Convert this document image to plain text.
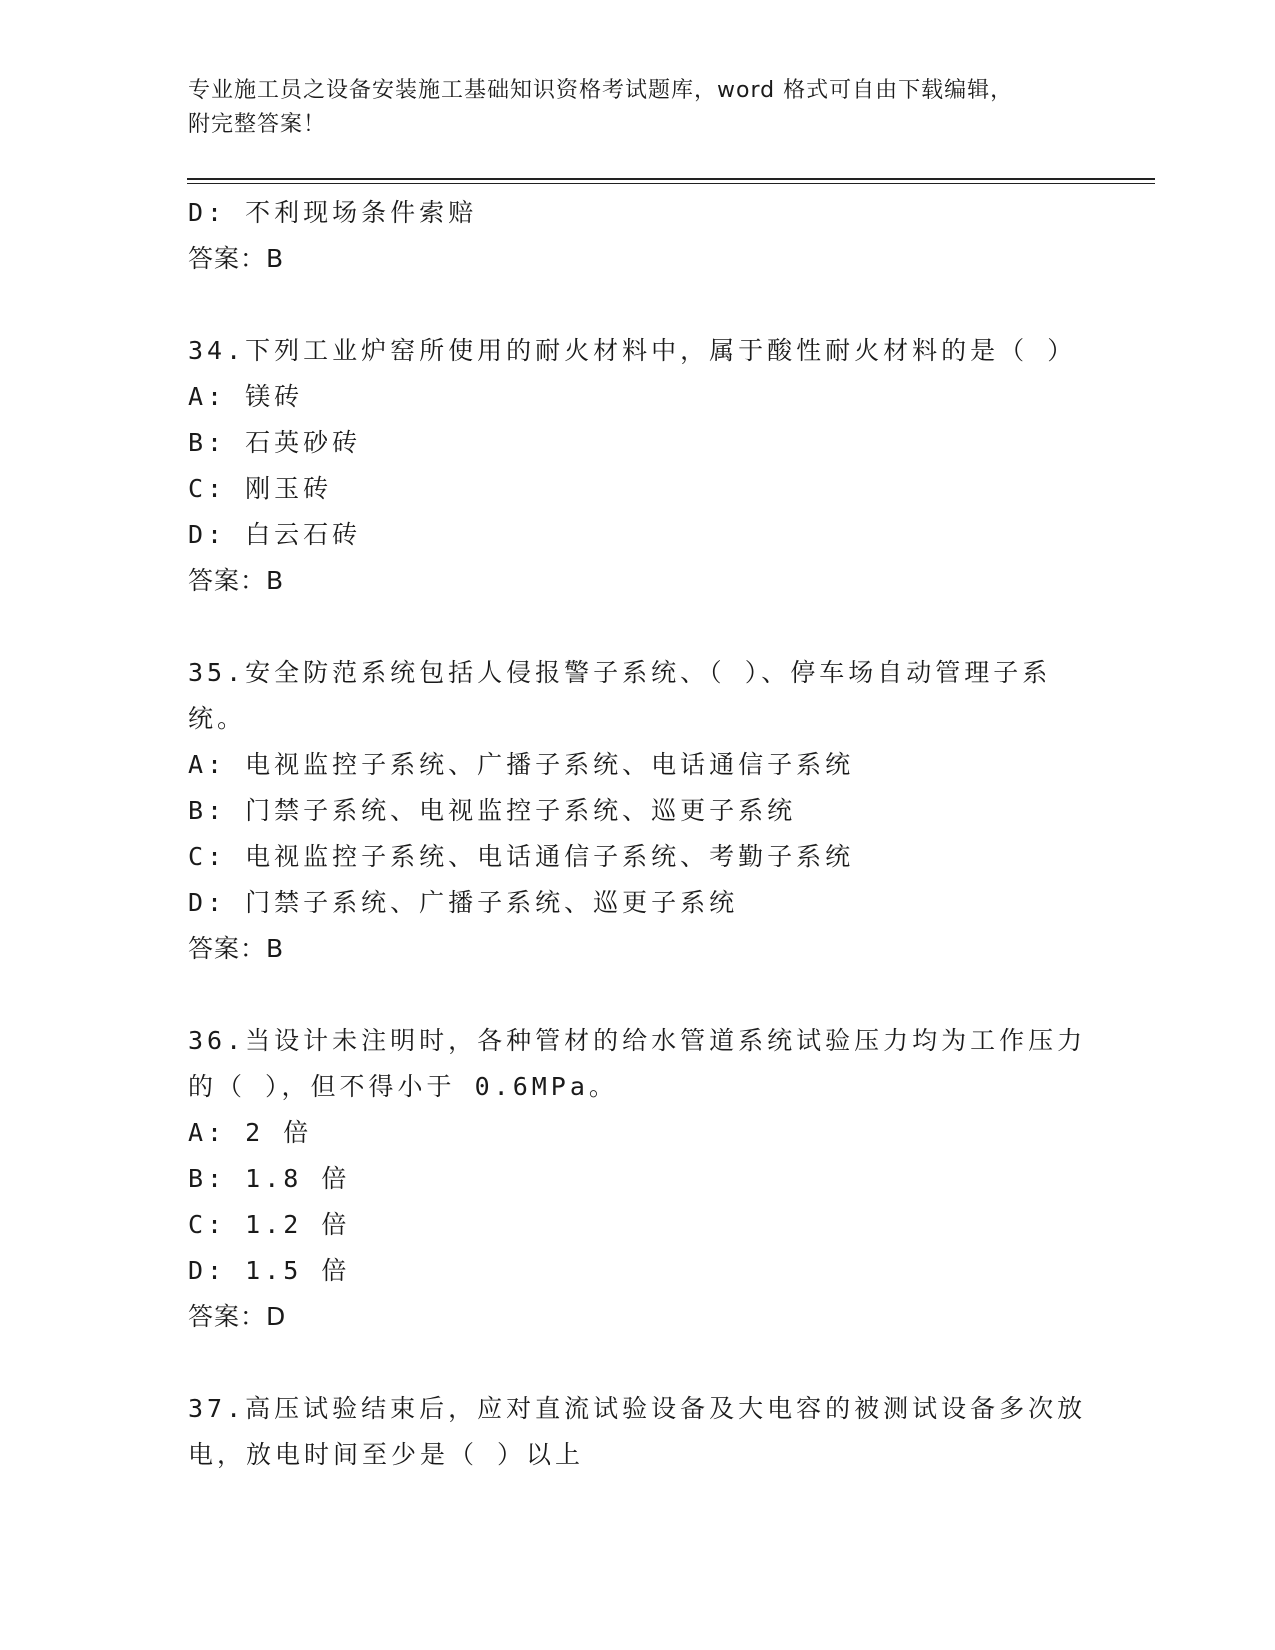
专业施工员之设备安装施工基础知识资格考试题库，word 格式可自由下载编辑，
附完整答案！
D: 不利现场条件索赔
答案：B
34.下列工业炉窑所使用的耐火材料中，属于酸性耐火材料的是（ ）
A: 镁砖
B: 石英砂砖
C: 刚玉砖
D: 白云石砖
答案：B
35.安全防范系统包括人侵报警子系统、（ ）、停车场自动管理子系
统。
A: 电视监控子系统、广播子系统、电话通信子系统
B: 门禁子系统、电视监控子系统、巡更子系统
C: 电视监控子系统、电话通信子系统、考勤子系统
D: 门禁子系统、广播子系统、巡更子系统
答案：B
36.当设计未注明时，各种管材的给水管道系统试验压力均为工作压力
的（ ），但不得小于 0.6MPa。
A: 2 倍
B: 1.8 倍
C: 1.2 倍
D: 1.5 倍
答案：D
37.高压试验结束后，应对直流试验设备及大电容的被测试设备多次放
电，放电时间至少是（ ）以上
